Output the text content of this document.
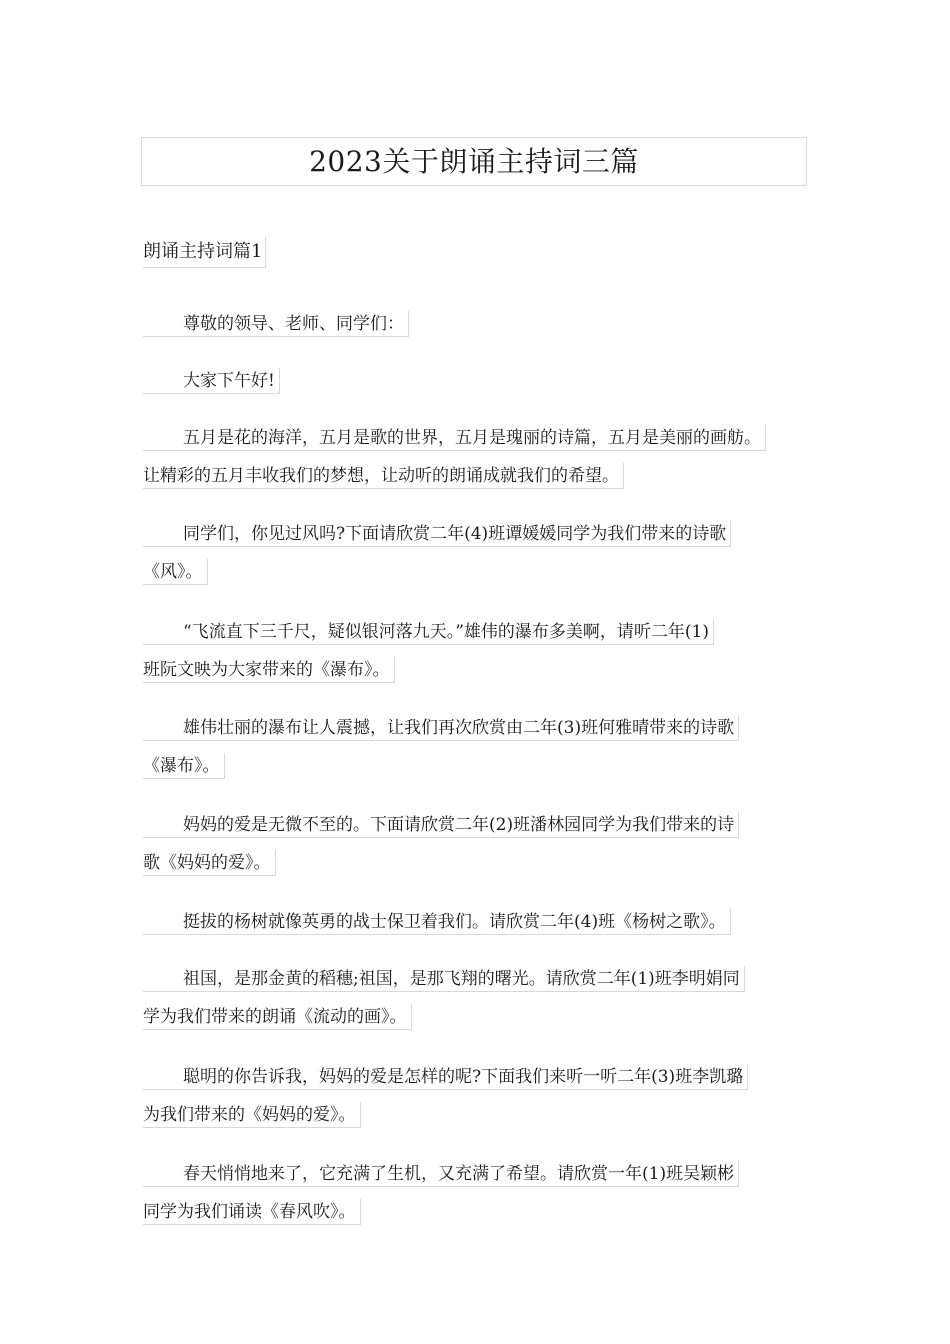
2023关于朗诵主持词三篇
朗诵主持词篇1
尊敬的领导、老师、同学们：
大家下午好!
五月是花的海洋，五月是歌的世界，五月是瑰丽的诗篇，五月是美丽的画舫。
让精彩的五月丰收我们的梦想，让动听的朗诵成就我们的希望。
同学们，你见过风吗?下面请欣赏二年(4)班谭媛媛同学为我们带来的诗歌
《风》。
“飞流直下三千尺，疑似银河落九天。”雄伟的瀑布多美啊，请听二年(1)
班阮文映为大家带来的《瀑布》。
雄伟壮丽的瀑布让人震撼，让我们再次欣赏由二年(3)班何雅晴带来的诗歌
《瀑布》。
妈妈的爱是无微不至的。下面请欣赏二年(2)班潘林园同学为我们带来的诗
歌《妈妈的爱》。
挺拔的杨树就像英勇的战士保卫着我们。请欣赏二年(4)班《杨树之歌》。
祖国，是那金黄的稻穗;祖国，是那飞翔的曙光。请欣赏二年(1)班李明娟同
学为我们带来的朗诵《流动的画》。
聪明的你告诉我，妈妈的爱是怎样的呢?下面我们来听一听二年(3)班李凯璐
为我们带来的《妈妈的爱》。
春天悄悄地来了，它充满了生机，又充满了希望。请欣赏一年(1)班吴颖彬
同学为我们诵读《春风吹》。
